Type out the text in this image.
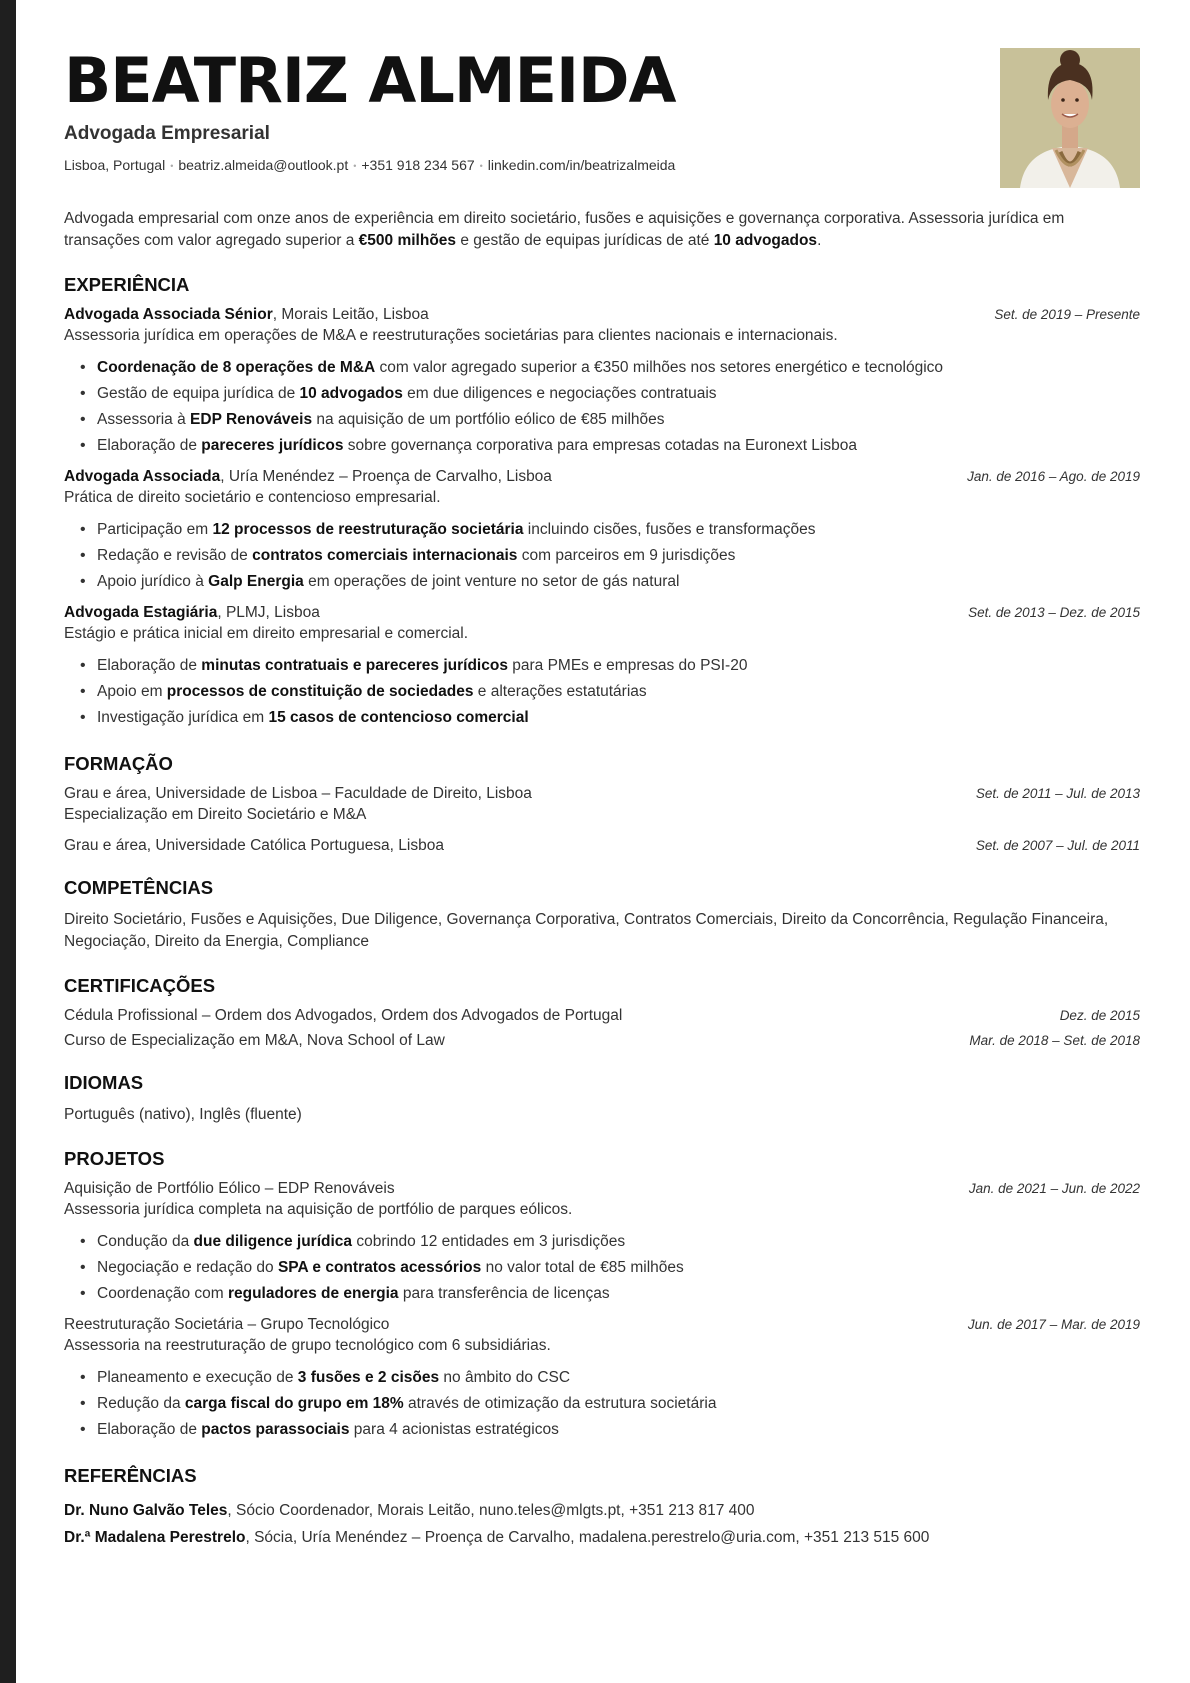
BEATRIZ ALMEIDA
Advogada Empresarial
Lisboa, Portugal • beatriz.almeida@outlook.pt • +351 918 234 567 • linkedin.com/in/beatrizalmeida

Advogada empresarial com onze anos de experiência em direito societário, fusões e aquisições e governança corporativa. Assessoria jurídica em transações com valor agregado superior a €500 milhões e gestão de equipas jurídicas de até 10 advogados.

EXPERIÊNCIA
Advogada Associada Sénior, Morais Leitão, Lisboa	Set. de 2019 – Presente
Assessoria jurídica em operações de M&A e reestruturações societárias para clientes nacionais e internacionais.
• Coordenação de 8 operações de M&A com valor agregado superior a €350 milhões nos setores energético e tecnológico
• Gestão de equipa jurídica de 10 advogados em due diligences e negociações contratuais
• Assessoria à EDP Renováveis na aquisição de um portfólio eólico de €85 milhões
• Elaboração de pareceres jurídicos sobre governança corporativa para empresas cotadas na Euronext Lisboa
Advogada Associada, Uría Menéndez – Proença de Carvalho, Lisboa	Jan. de 2016 – Ago. de 2019
Prática de direito societário e contencioso empresarial.
• Participação em 12 processos de reestruturação societária incluindo cisões, fusões e transformações
• Redação e revisão de contratos comerciais internacionais com parceiros em 9 jurisdições
• Apoio jurídico à Galp Energia em operações de joint venture no setor de gás natural
Advogada Estagiária, PLMJ, Lisboa	Set. de 2013 – Dez. de 2015
Estágio e prática inicial em direito empresarial e comercial.
• Elaboração de minutas contratuais e pareceres jurídicos para PMEs e empresas do PSI-20
• Apoio em processos de constituição de sociedades e alterações estatutárias
• Investigação jurídica em 15 casos de contencioso comercial
FORMAÇÃO
Grau e área, Universidade de Lisboa – Faculdade de Direito, Lisboa	Set. de 2011 – Jul. de 2013
Especialização em Direito Societário e M&A
Grau e área, Universidade Católica Portuguesa, Lisboa	Set. de 2007 – Jul. de 2011
COMPETÊNCIAS
Direito Societário, Fusões e Aquisições, Due Diligence, Governança Corporativa, Contratos Comerciais, Direito da Concorrência, Regulação Financeira, Negociação, Direito da Energia, Compliance
CERTIFICAÇÕES
Cédula Profissional – Ordem dos Advogados, Ordem dos Advogados de Portugal	Dez. de 2015
Curso de Especialização em M&A, Nova School of Law	Mar. de 2018 – Set. de 2018
IDIOMAS
Português (nativo), Inglês (fluente)
PROJETOS
Aquisição de Portfólio Eólico – EDP Renováveis	Jan. de 2021 – Jun. de 2022
Assessoria jurídica completa na aquisição de portfólio de parques eólicos.
• Condução da due diligence jurídica cobrindo 12 entidades em 3 jurisdições
• Negociação e redação do SPA e contratos acessórios no valor total de €85 milhões
• Coordenação com reguladores de energia para transferência de licenças
Reestruturação Societária – Grupo Tecnológico	Jun. de 2017 – Mar. de 2019
Assessoria na reestruturação de grupo tecnológico com 6 subsidiárias.
• Planeamento e execução de 3 fusões e 2 cisões no âmbito do CSC
• Redução da carga fiscal do grupo em 18% através de otimização da estrutura societária
• Elaboração de pactos parassociais para 4 acionistas estratégicos
REFERÊNCIAS
Dr. Nuno Galvão Teles, Sócio Coordenador, Morais Leitão, nuno.teles@mlgts.pt, +351 213 817 400
Dr.ª Madalena Perestrelo, Sócia, Uría Menéndez – Proença de Carvalho, madalena.perestrelo@uria.com, +351 213 515 600
